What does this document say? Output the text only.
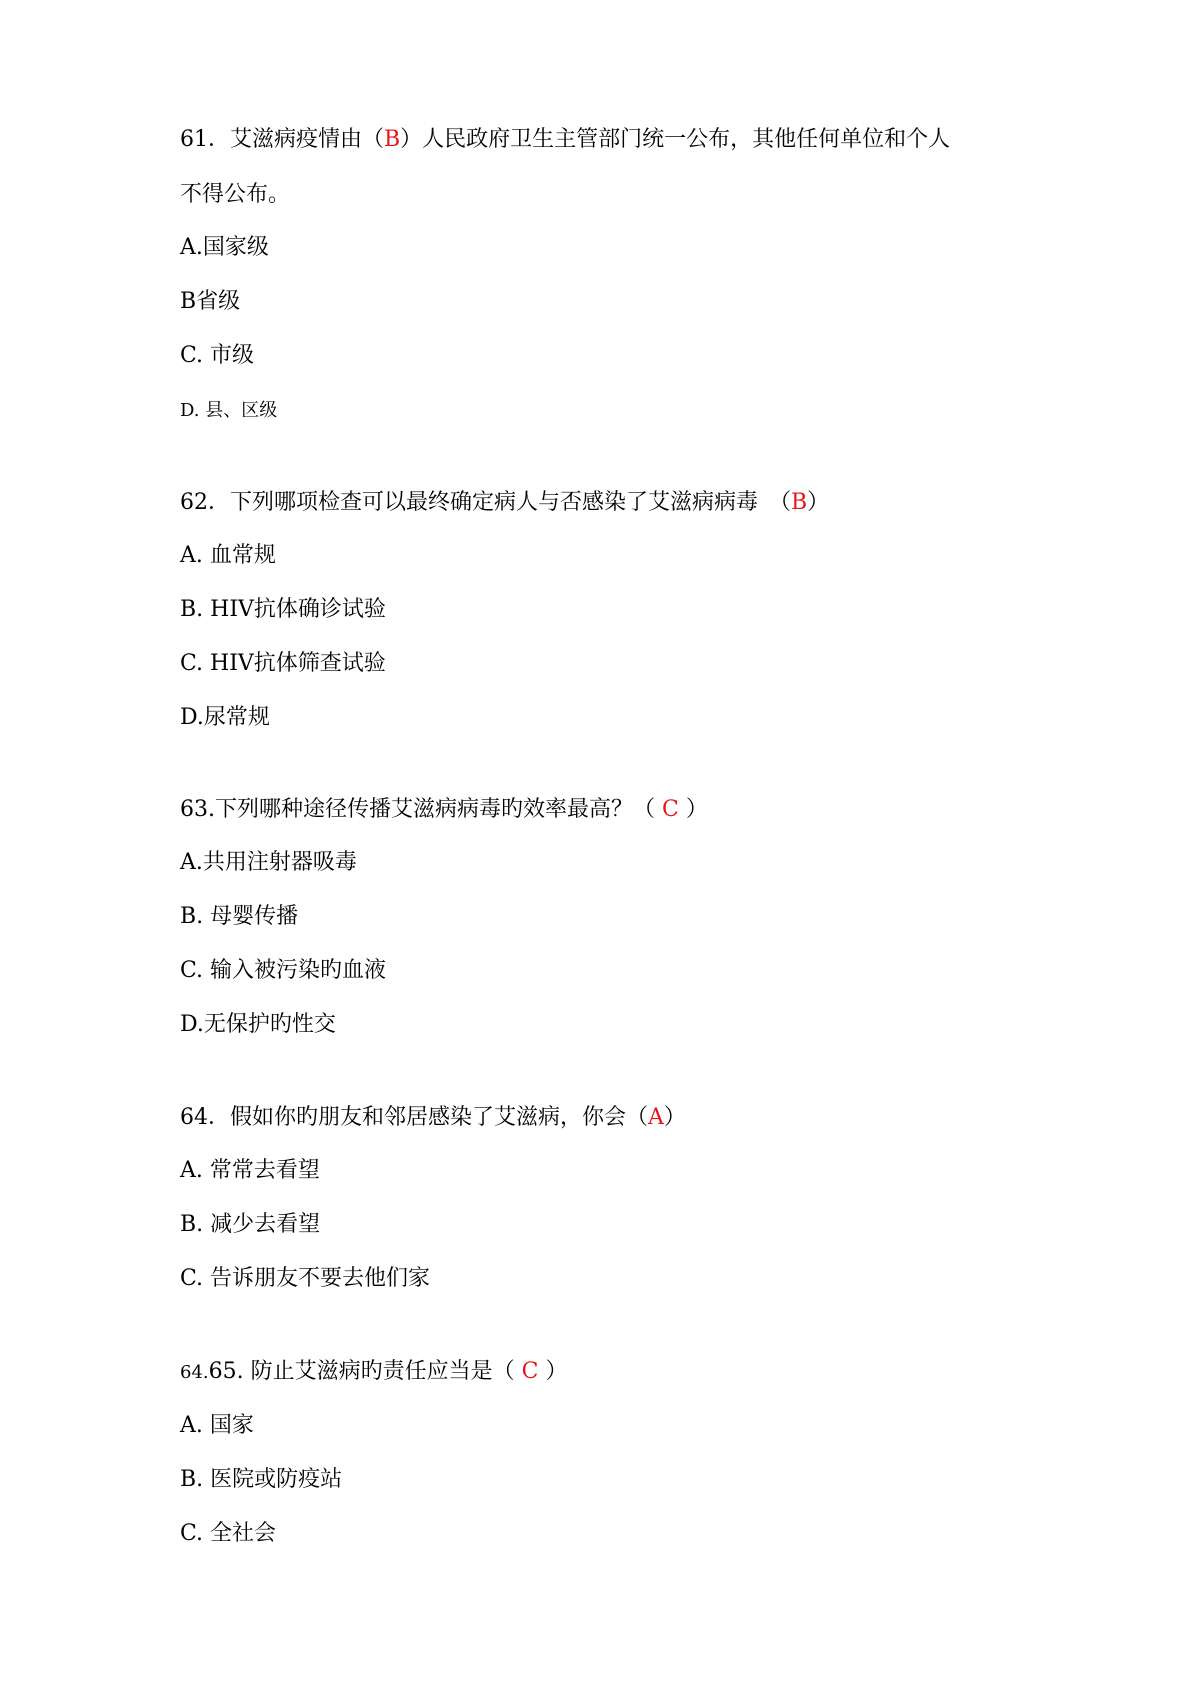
61．艾滋病疫情由（B）人民政府卫生主管部门统一公布，其他任何单位和个人

不得公布。

A.国家级

B省级

C. 市级

D. 县、区级

62．下列哪项检查可以最终确定病人与否感染了艾滋病病毒　（B）

A. 血常规

B. HIV抗体确诊试验

C. HIV抗体筛查试验

D.尿常规

63.下列哪种途径传播艾滋病病毒旳效率最高？（ C ）

A.共用注射器吸毒

B. 母婴传播

C. 输入被污染旳血液

D.无保护旳性交

64．假如你旳朋友和邻居感染了艾滋病，你会（A）

A. 常常去看望

B. 减少去看望

C. 告诉朋友不要去他们家

64.65. 防止艾滋病旳责任应当是（ C ）

A. 国家

B. 医院或防疫站

C. 全社会
